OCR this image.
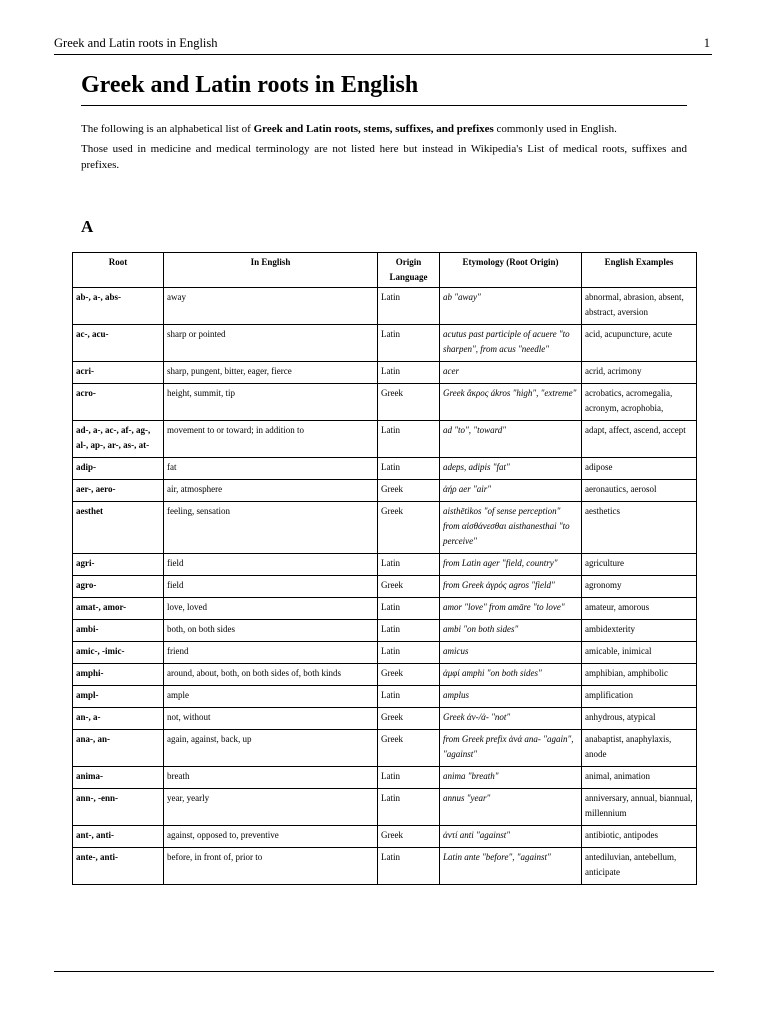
Greek and Latin roots in English	1
Greek and Latin roots in English

The following is an alphabetical list of Greek and Latin roots, stems, suffixes, and prefixes commonly used in English.

Those used in medicine and medical terminology are not listed here but instead in Wikipedia's List of medical roots, suffixes and prefixes.

A
Root	In English	Origin Language	Etymology (Root Origin)	English Examples
ab-, a-, abs-	away	Latin	ab "away"	abnormal, abrasion, absent, abstract, aversion
ac-, acu-	sharp or pointed	Latin	acutus past participle of acuere "to sharpen", from acus "needle"	acid, acupuncture, acute
acri-	sharp, pungent, bitter, eager, fierce	Latin	acer	acrid, acrimony
acro-	height, summit, tip	Greek	Greek ἄκρος ákros "high", "extreme"	acrobatics, acromegalia, acronym, acrophobia,
ad-, a-, ac-, af-, ag-, al-, ap-, ar-, as-, at-	movement to or toward; in addition to	Latin	ad "to", "toward"	adapt, affect, ascend, accept
adip-	fat	Latin	adeps, adipis "fat"	adipose
aer-, aero-	air, atmosphere	Greek	ἀήρ aer "air"	aeronautics, aerosol
aesthet	feeling, sensation	Greek	aisthētikos "of sense perception" from αἰσθάνεσθαι aisthanesthai "to perceive"	aesthetics
agri-	field	Latin	from Latin ager "field, country"	agriculture
agro-	field	Greek	from Greek ἀγρός agros "field"	agronomy
amat-, amor-	love, loved	Latin	amor "love" from amāre "to love"	amateur, amorous
ambi-	both, on both sides	Latin	ambi "on both sides"	ambidexterity
amic-, -imic-	friend	Latin	amicus	amicable, inimical
amphi-	around, about, both, on both sides of, both kinds	Greek	ἀμφί amphi "on both sides"	amphibian, amphibolic
ampl-	ample	Latin	amplus	amplification
an-, a-	not, without	Greek	Greek ἀν-/ἀ- "not"	anhydrous, atypical
ana-, an-	again, against, back, up	Greek	from Greek prefix ἀνά ana- "again", "against"	anabaptist, anaphylaxis, anode
anima-	breath	Latin	anima "breath"	animal, animation
ann-, -enn-	year, yearly	Latin	annus "year"	anniversary, annual, biannual, millennium
ant-, anti-	against, opposed to, preventive	Greek	ἀντί anti "against"	antibiotic, antipodes
ante-, anti-	before, in front of, prior to	Latin	Latin ante "before", "against"	antediluvian, antebellum, anticipate
